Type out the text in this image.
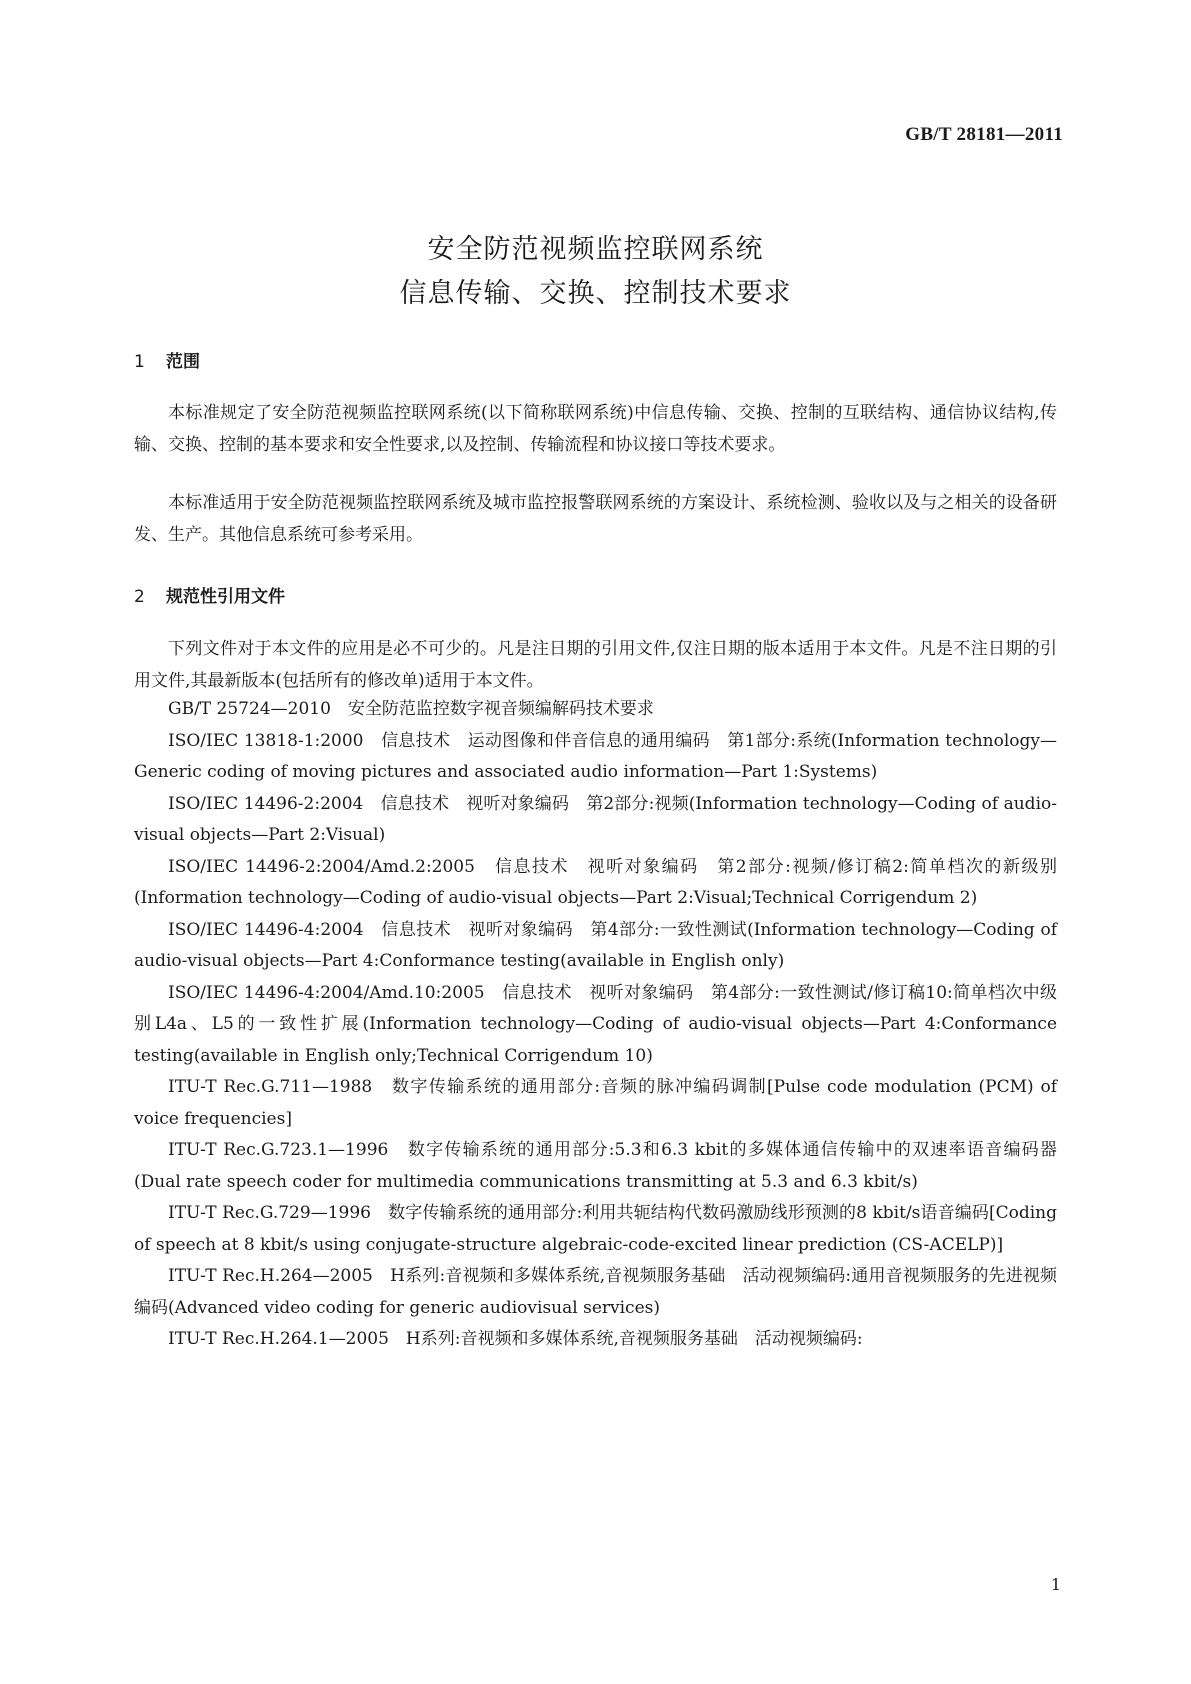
GB/T 28181—2011
安全防范视频监控联网系统
信息传输、交换、控制技术要求
1 范围

本标准规定了安全防范视频监控联网系统(以下简称联网系统)中信息传输、交换、控制的互联结构、通信协议结构,传输、交换、控制的基本要求和安全性要求,以及控制、传输流程和协议接口等技术要求。

本标准适用于安全防范视频监控联网系统及城市监控报警联网系统的方案设计、系统检测、验收以及与之相关的设备研发、生产。其他信息系统可参考采用。

2 规范性引用文件

下列文件对于本文件的应用是必不可少的。凡是注日期的引用文件,仅注日期的版本适用于本文件。凡是不注日期的引用文件,其最新版本(包括所有的修改单)适用于本文件。

GB/T 25724—2010　安全防范监控数字视音频编解码技术要求

ISO/IEC 13818-1:2000　信息技术　运动图像和伴音信息的通用编码　第1部分:系统(Information technology—Generic coding of moving pictures and associated audio information—Part 1:Systems)

ISO/IEC 14496-2:2004　信息技术　视听对象编码　第2部分:视频(Information technology—Coding of audio-visual objects—Part 2:Visual)

ISO/IEC 14496-2:2004/Amd.2:2005　信息技术　视听对象编码　第2部分:视频/修订稿2:简单档次的新级别(Information technology—Coding of audio-visual objects—Part 2:Visual;Technical Corrigendum 2)

ISO/IEC 14496-4:2004　信息技术　视听对象编码　第4部分:一致性测试(Information technology—Coding of audio-visual objects—Part 4:Conformance testing(available in English only)

ISO/IEC 14496-4:2004/Amd.10:2005　信息技术　视听对象编码　第4部分:一致性测试/修订稿10:简单档次中级别L4a、L5的一致性扩展(Information technology—Coding of audio-visual objects—Part 4:Conformance testing(available in English only;Technical Corrigendum 10)

ITU-T Rec.G.711—1988　数字传输系统的通用部分:音频的脉冲编码调制[Pulse code modulation (PCM) of voice frequencies]

ITU-T Rec.G.723.1—1996　数字传输系统的通用部分:5.3和6.3 kbit的多媒体通信传输中的双速率语音编码器(Dual rate speech coder for multimedia communications transmitting at 5.3 and 6.3 kbit/s)

ITU-T Rec.G.729—1996　数字传输系统的通用部分:利用共轭结构代数码激励线形预测的8 kbit/s语音编码[Coding of speech at 8 kbit/s using conjugate-structure algebraic-code-excited linear prediction (CS-ACELP)]

ITU-T Rec.H.264—2005　H系列:音视频和多媒体系统,音视频服务基础　活动视频编码:通用音视频服务的先进视频编码(Advanced video coding for generic audiovisual services)

ITU-T Rec.H.264.1—2005　H系列:音视频和多媒体系统,音视频服务基础　活动视频编码:

1
